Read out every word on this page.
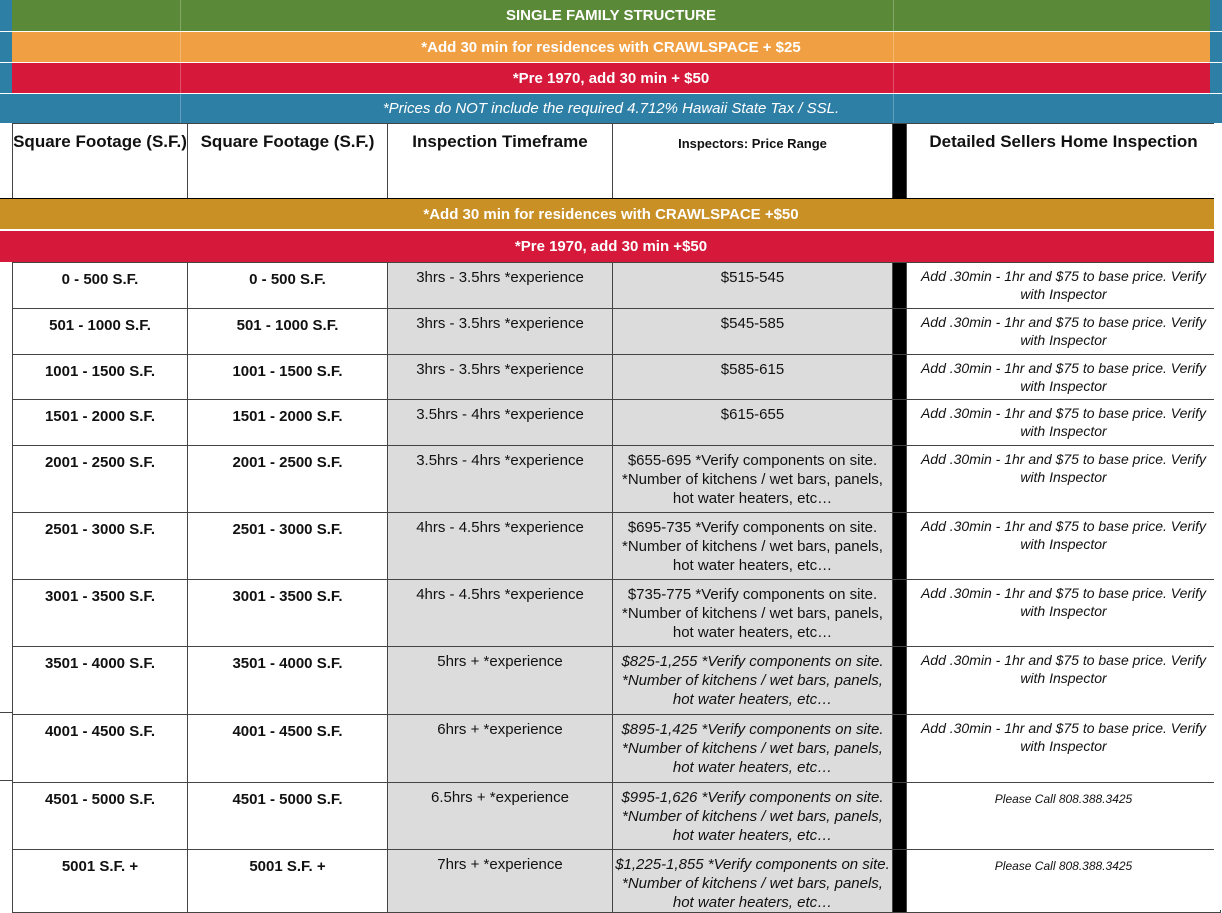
SINGLE FAMILY STRUCTURE
*Add 30 min for residences with CRAWLSPACE + $25
*Pre 1970, add 30 min + $50
*Prices do NOT include the required 4.712% Hawaii State Tax / SSL.
Square Footage (S.F.)	Square Footage (S.F.)	Inspection Timeframe	Inspectors: Price Range		Detailed Sellers Home Inspection
*Add 30 min for residences with CRAWLSPACE +$50
*Pre 1970, add 30 min +$50
0 - 500 S.F.	0 - 500 S.F.	3hrs - 3.5hrs *experience	$515-545		Add .30min - 1hr and $75 to base price. Verify with Inspector
501 - 1000 S.F.	501 - 1000 S.F.	3hrs - 3.5hrs *experience	$545-585		Add .30min - 1hr and $75 to base price. Verify with Inspector
1001 - 1500 S.F.	1001 - 1500 S.F.	3hrs - 3.5hrs *experience	$585-615		Add .30min - 1hr and $75 to base price. Verify with Inspector
1501 - 2000 S.F.	1501 - 2000 S.F.	3.5hrs - 4hrs *experience	$615-655		Add .30min - 1hr and $75 to base price. Verify with Inspector
2001 - 2500 S.F.	2001 - 2500 S.F.	3.5hrs - 4hrs *experience	$655-695 *Verify components on site. *Number of kitchens / wet bars, panels, hot water heaters, etc…		Add .30min - 1hr and $75 to base price. Verify with Inspector
2501 - 3000 S.F.	2501 - 3000 S.F.	4hrs - 4.5hrs *experience	$695-735 *Verify components on site. *Number of kitchens / wet bars, panels, hot water heaters, etc…		Add .30min - 1hr and $75 to base price. Verify with Inspector
3001 - 3500 S.F.	3001 - 3500 S.F.	4hrs - 4.5hrs *experience	$735-775 *Verify components on site. *Number of kitchens / wet bars, panels, hot water heaters, etc…		Add .30min - 1hr and $75 to base price. Verify with Inspector
3501 - 4000 S.F.	3501 - 4000 S.F.	5hrs + *experience	$825-1,255 *Verify components on site. *Number of kitchens / wet bars, panels, hot water heaters, etc…		Add .30min - 1hr and $75 to base price. Verify with Inspector
4001 - 4500 S.F.	4001 - 4500 S.F.	6hrs + *experience	$895-1,425 *Verify components on site. *Number of kitchens / wet bars, panels, hot water heaters, etc…		Add .30min - 1hr and $75 to base price. Verify with Inspector
4501 - 5000 S.F.	4501 - 5000 S.F.	6.5hrs + *experience	$995-1,626 *Verify components on site. *Number of kitchens / wet bars, panels, hot water heaters, etc…		Please Call 808.388.3425
5001 S.F. +	5001 S.F. +	7hrs + *experience	$1,225-1,855 *Verify components on site. *Number of kitchens / wet bars, panels, hot water heaters, etc…		Please Call 808.388.3425
